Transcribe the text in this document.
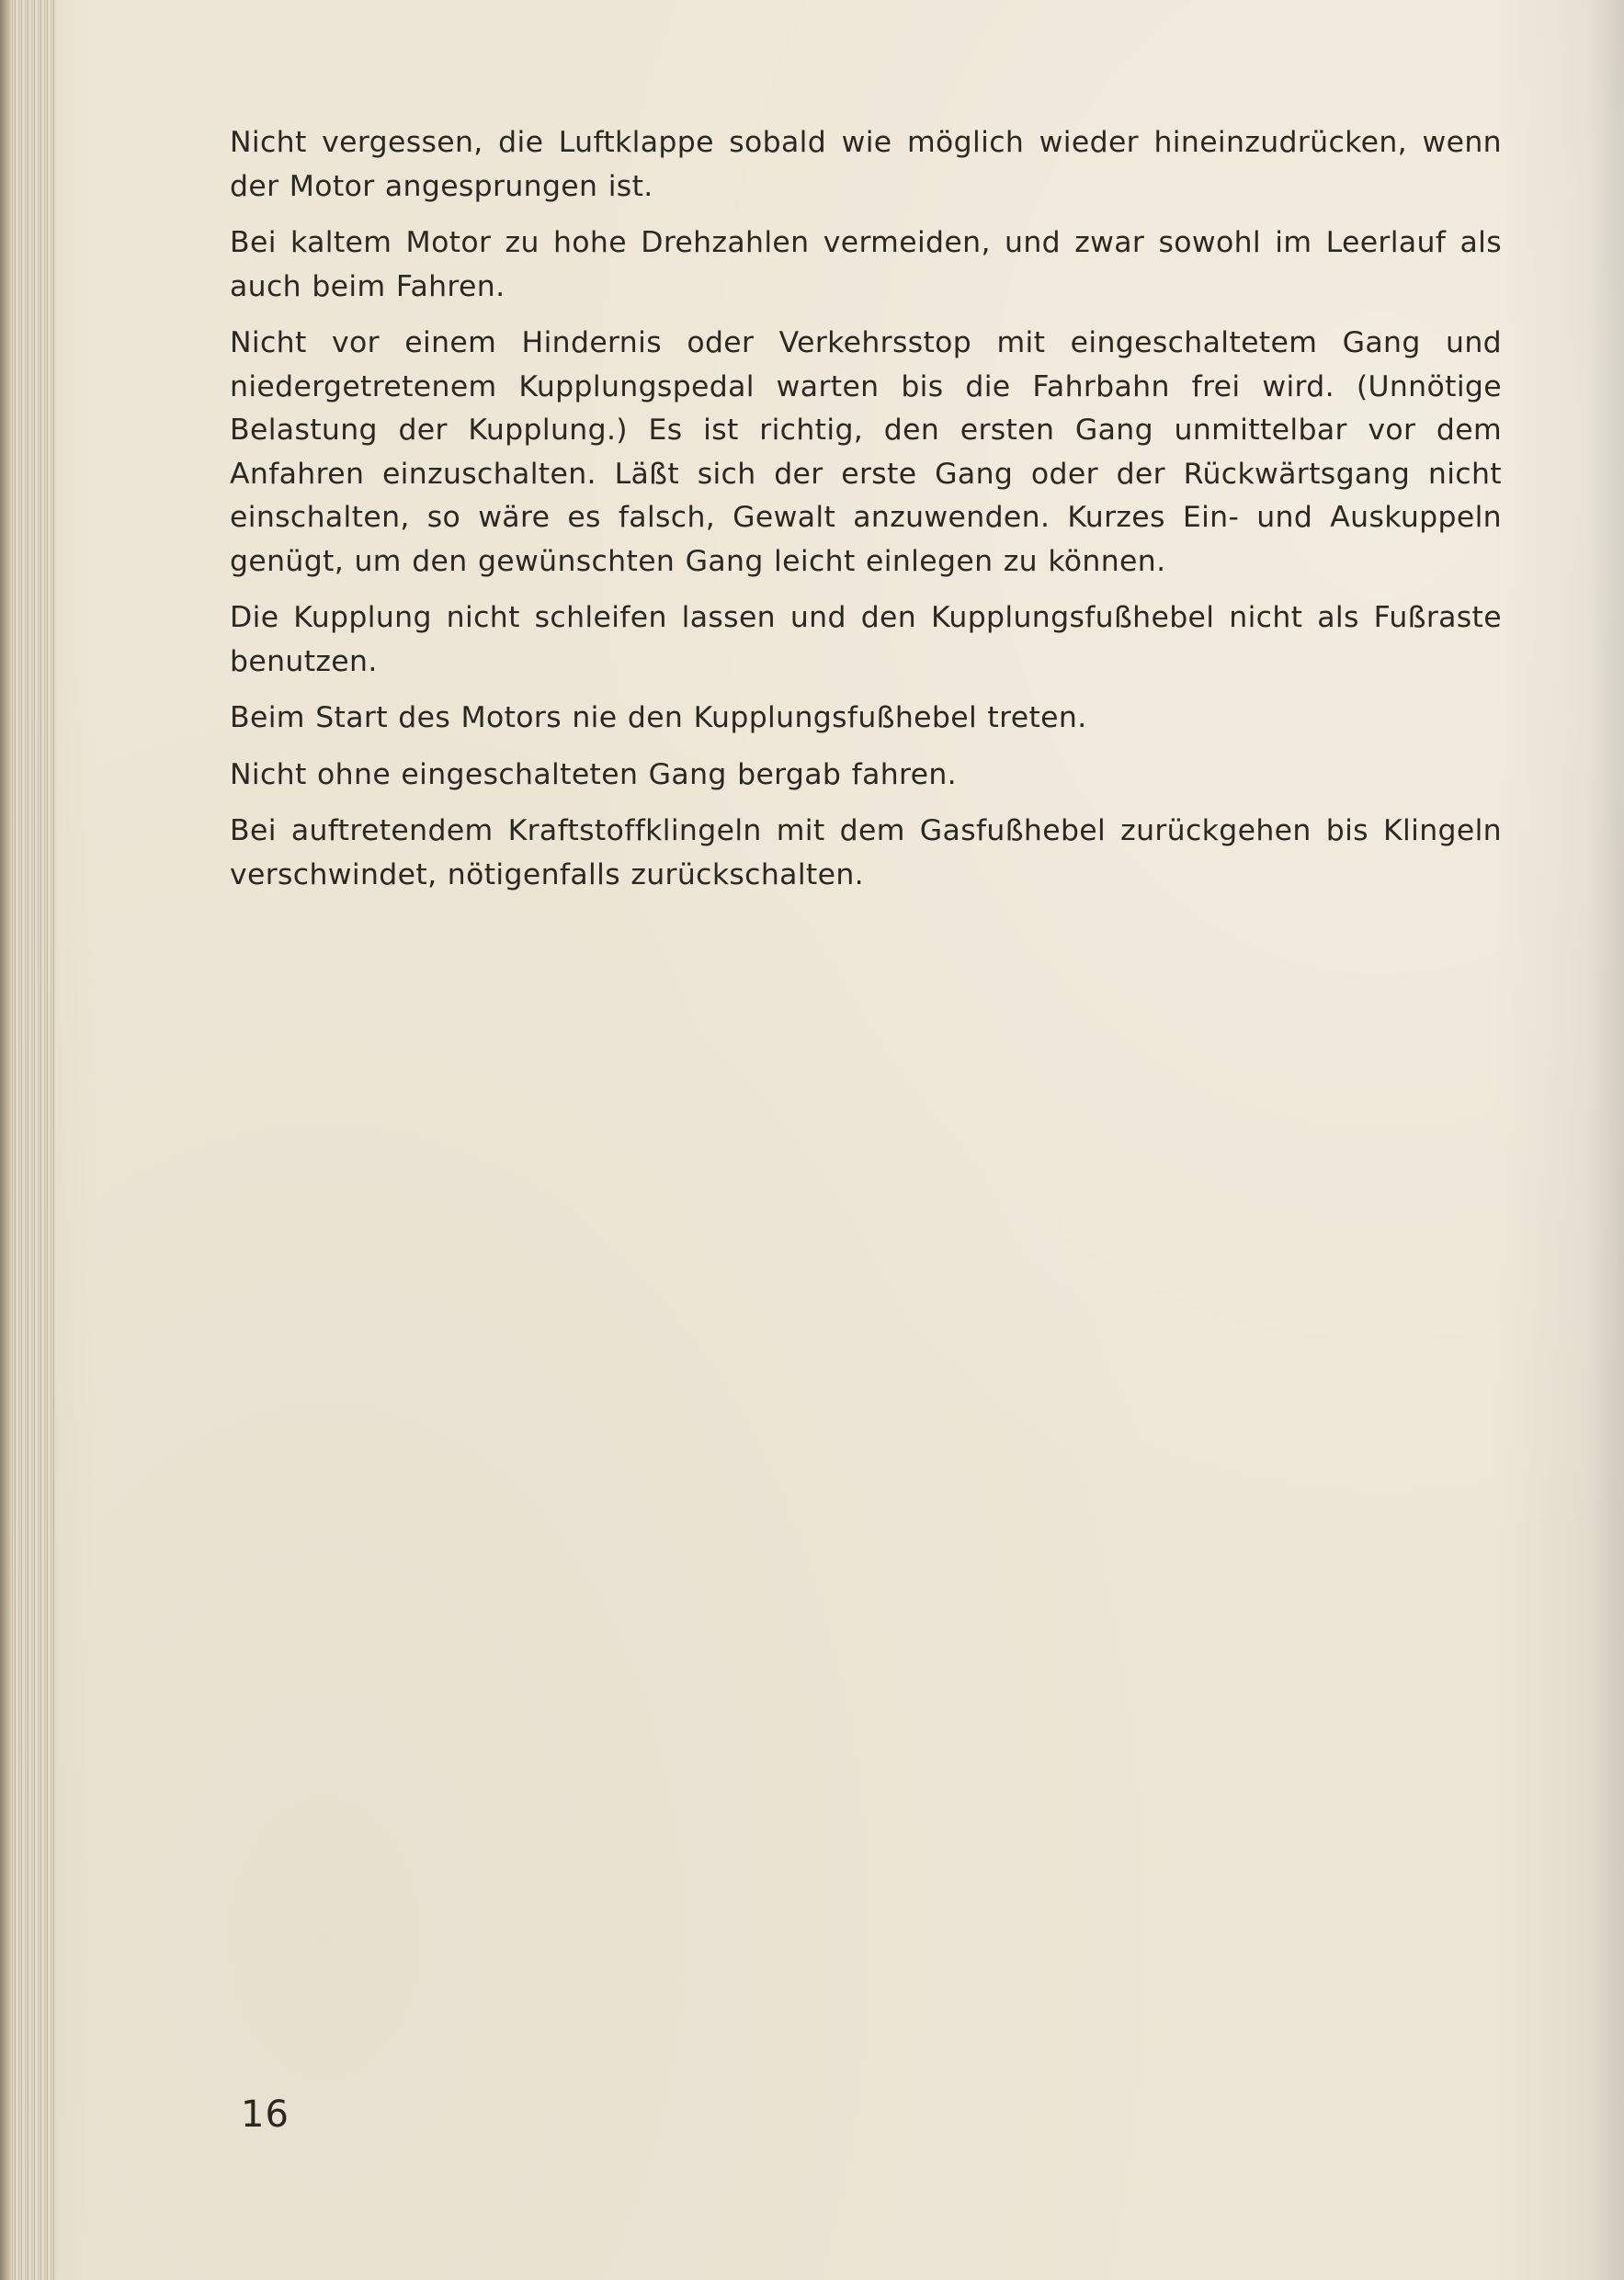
Nicht vergessen, die Luftklappe sobald wie möglich wieder hineinzudrücken, wenn der Motor angesprungen ist.

Bei kaltem Motor zu hohe Drehzahlen vermeiden, und zwar sowohl im Leerlauf als auch beim Fahren.

Nicht vor einem Hindernis oder Verkehrsstop mit eingeschaltetem Gang und niedergetretenem Kupplungspedal warten bis die Fahrbahn frei wird. (Unnötige Belastung der Kupplung.) Es ist richtig, den ersten Gang unmittelbar vor dem Anfahren einzuschalten. Läßt sich der erste Gang oder der Rückwärtsgang nicht einschalten, so wäre es falsch, Gewalt anzuwenden. Kurzes Ein- und Auskuppeln genügt, um den gewünschten Gang leicht einlegen zu können.

Die Kupplung nicht schleifen lassen und den Kupplungsfußhebel nicht als Fußraste benutzen.

Beim Start des Motors nie den Kupplungsfußhebel treten.

Nicht ohne eingeschalteten Gang bergab fahren.

Bei auftretendem Kraftstoffklingeln mit dem Gasfußhebel zurückgehen bis Klingeln verschwindet, nötigenfalls zurückschalten.

16
